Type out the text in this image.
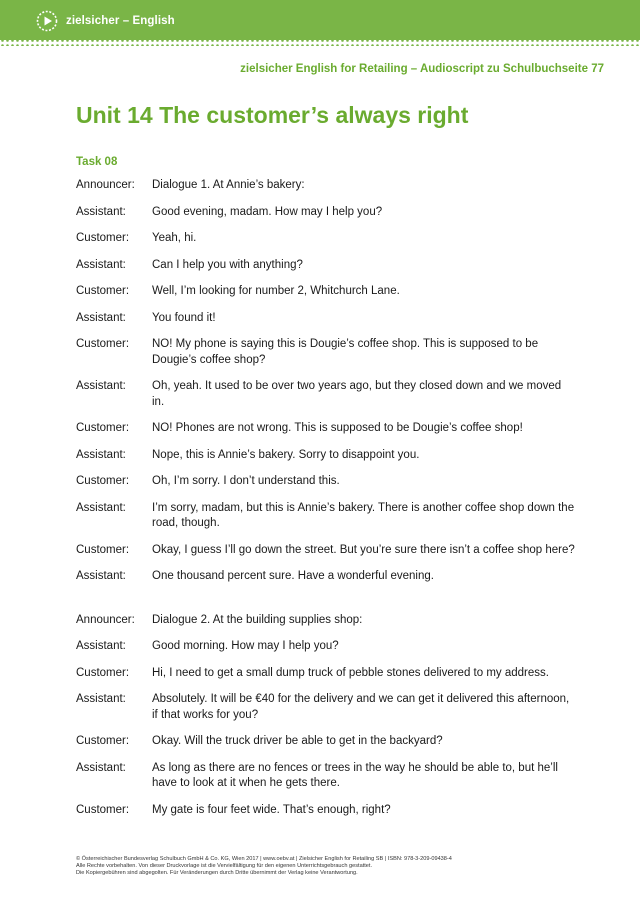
zielsicher – English
zielsicher English for Retailing – Audioscript zu Schulbuchseite 77
Unit 14 The customer’s always right
Task 08
Announcer:	Dialogue 1. At Annie’s bakery:
Assistant:	Good evening, madam. How may I help you?
Customer:	Yeah, hi.
Assistant:	Can I help you with anything?
Customer:	Well, I’m looking for number 2, Whitchurch Lane.
Assistant:	You found it!
Customer:	NO! My phone is saying this is Dougie’s coffee shop. This is supposed to be Dougie’s coffee shop?
Assistant:	Oh, yeah. It used to be over two years ago, but they closed down and we moved in.
Customer:	NO! Phones are not wrong. This is supposed to be Dougie’s coffee shop!
Assistant:	Nope, this is Annie’s bakery. Sorry to disappoint you.
Customer:	Oh, I’m sorry. I don’t understand this.
Assistant:	I’m sorry, madam, but this is Annie’s bakery. There is another coffee shop down the road, though.
Customer:	Okay, I guess I’ll go down the street. But you’re sure there isn’t a coffee shop here?
Assistant:	One thousand percent sure. Have a wonderful evening.
Announcer:	Dialogue 2. At the building supplies shop:
Assistant:	Good morning. How may I help you?
Customer:	Hi, I need to get a small dump truck of pebble stones delivered to my address.
Assistant:	Absolutely. It will be €40 for the delivery and we can get it delivered this afternoon, if that works for you?
Customer:	Okay. Will the truck driver be able to get in the backyard?
Assistant:	As long as there are no fences or trees in the way he should be able to, but he’ll have to look at it when he gets there.
Customer:	My gate is four feet wide. That’s enough, right?
© Österreichischer Bundesverlag Schulbuch GmbH & Co. KG, Wien 2017 | www.oebv.at | Zielsicher English for Retailing SB | ISBN: 978-3-209-09438-4
Alle Rechte vorbehalten. Von dieser Druckvorlage ist die Vervielfältigung für den eigenen Unterrichtsgebrauch gestattet.
Die Kopiergebühren sind abgegolten. Für Veränderungen durch Dritte übernimmt der Verlag keine Verantwortung.
